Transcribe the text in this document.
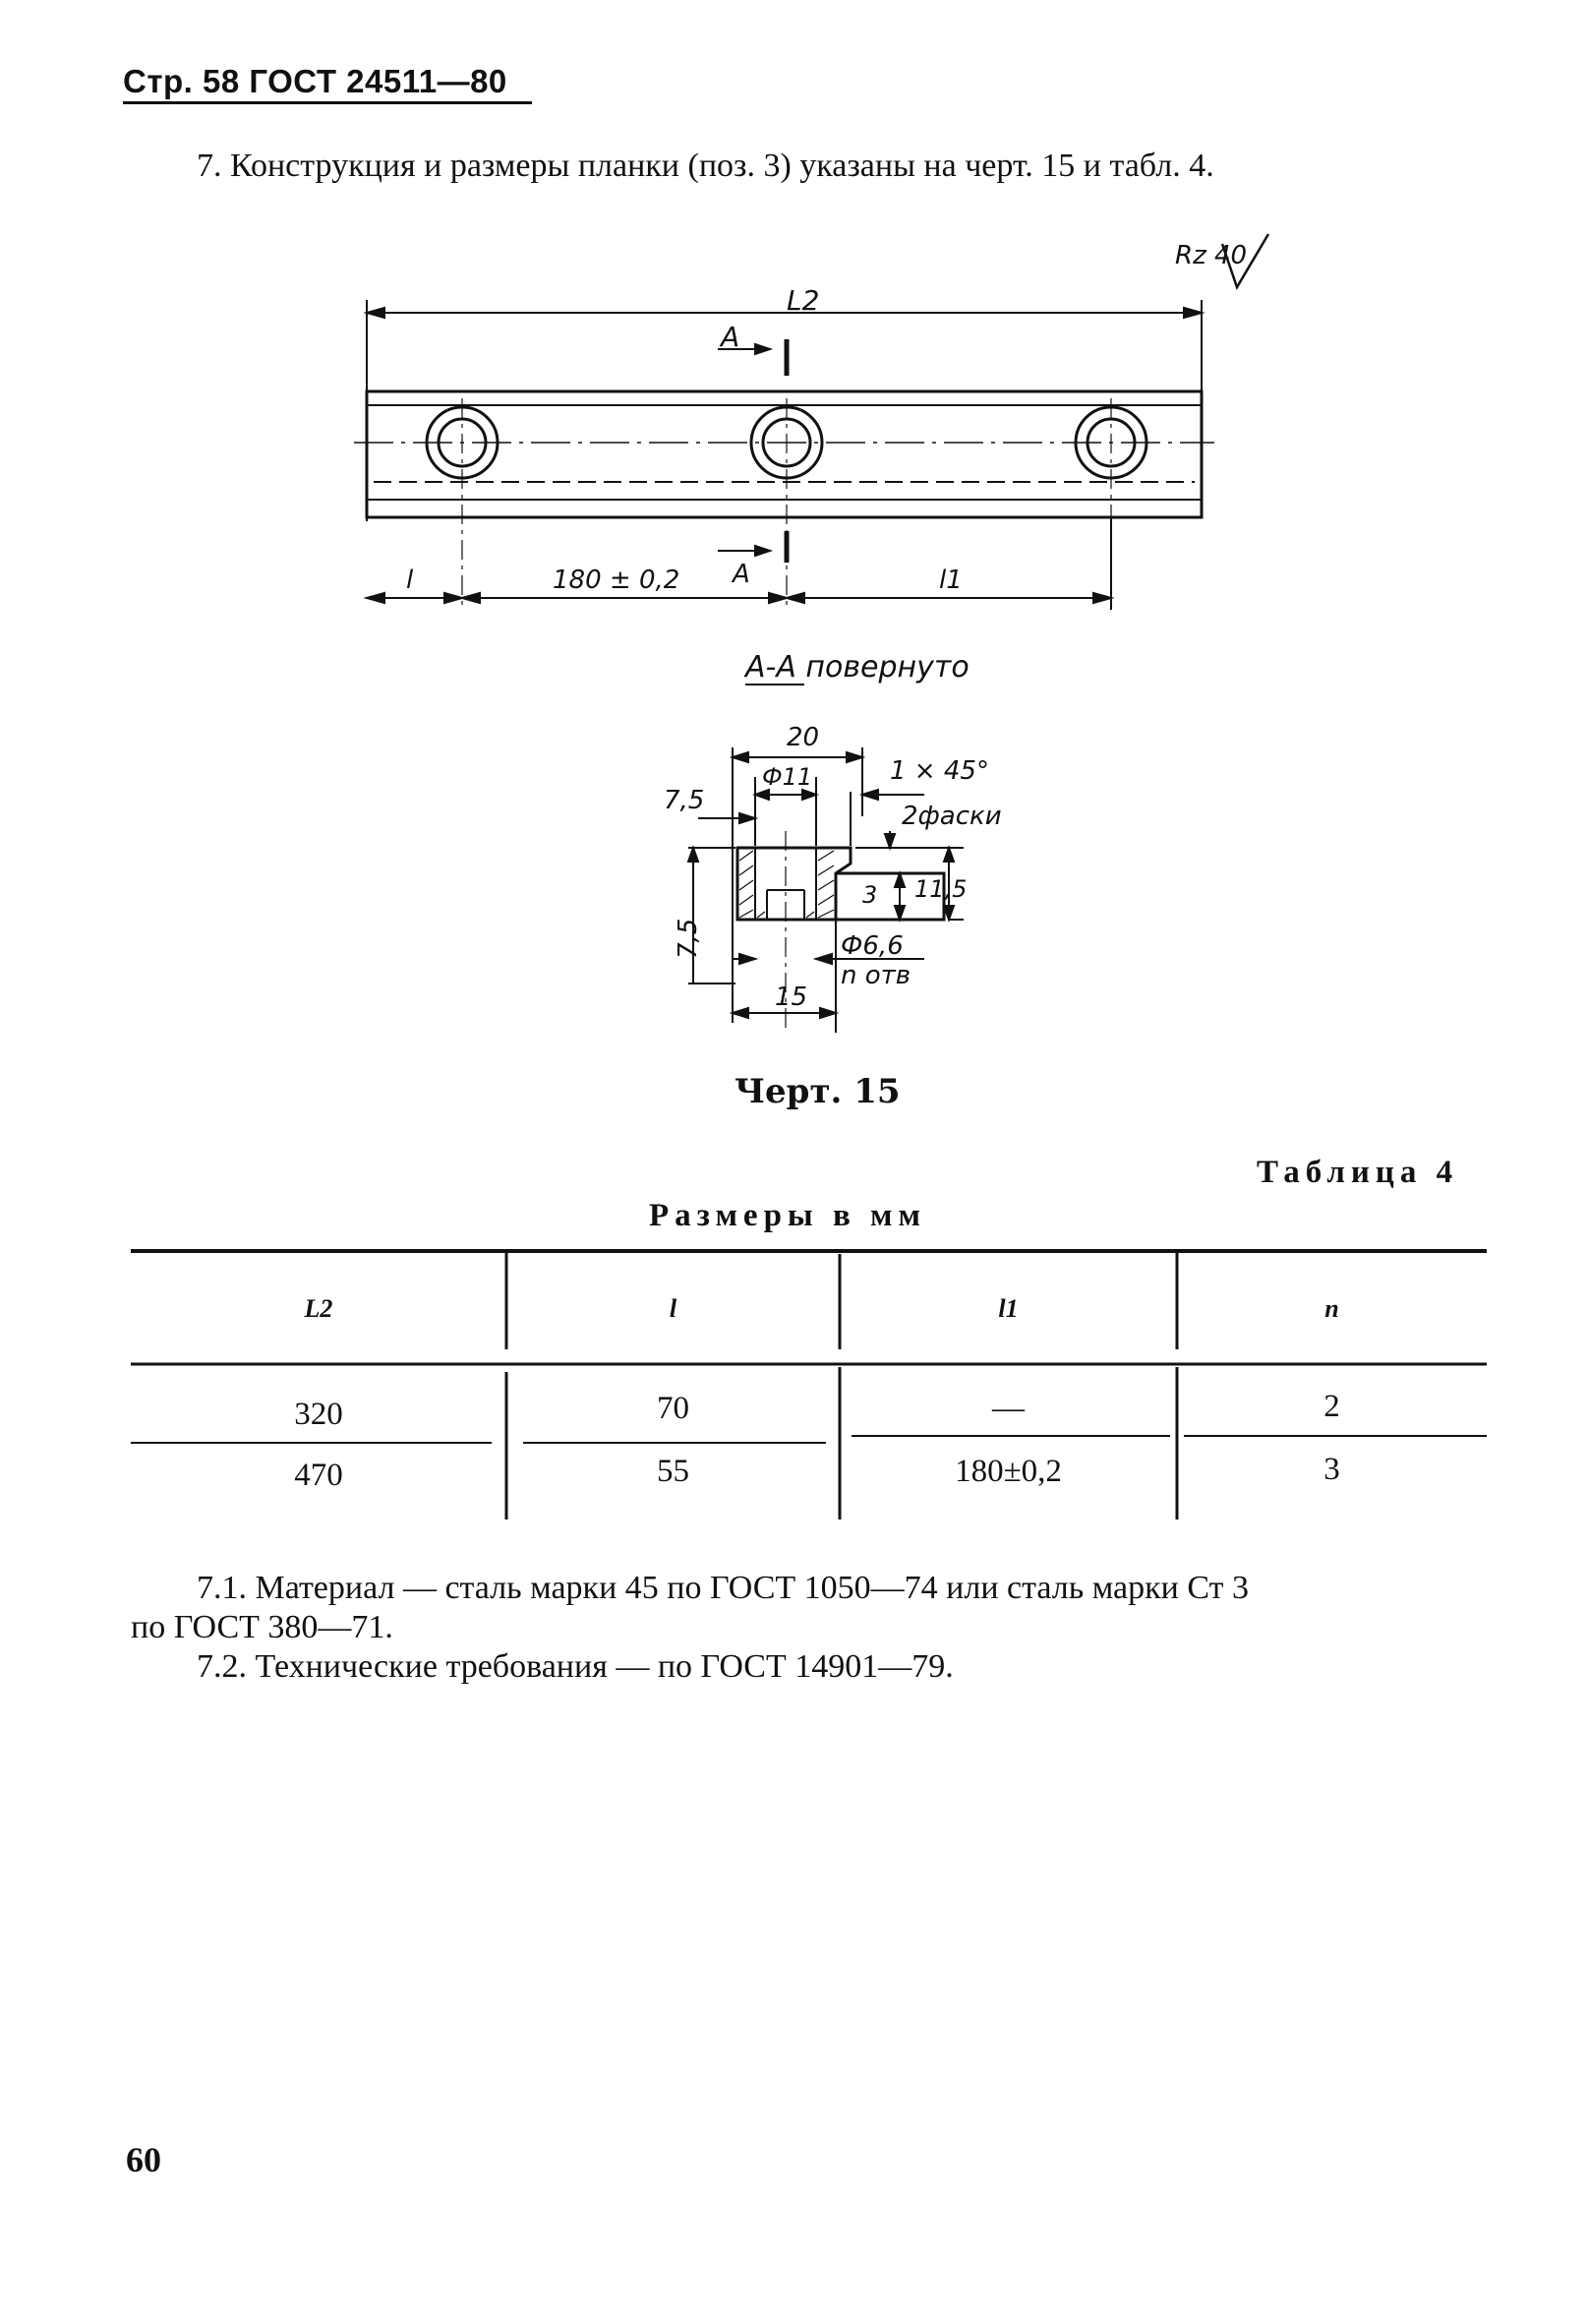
Стр. 58 ГОСТ 24511—80
7. Конструкция и размеры планки (поз. 3) указаны на черт. 15 и табл. 4.
Rz 40
L2
A
l	180 ± 0,2 A	l1
А-А повернуто
20
Ф11	1 × 45°
2фаски
7,5
3 11,5
Ф6,6
n отв
15
7,5
Черт. 15
Таблица 4
Размеры в мм
L2	l	l1	n
320	70	—	2
470	55	180±0,2	3
7.1. Материал — сталь марки 45 по ГОСТ 1050—74 или сталь марки Ст 3
по ГОСТ 380—71.
7.2. Технические требования — по ГОСТ 14901—79.
60
